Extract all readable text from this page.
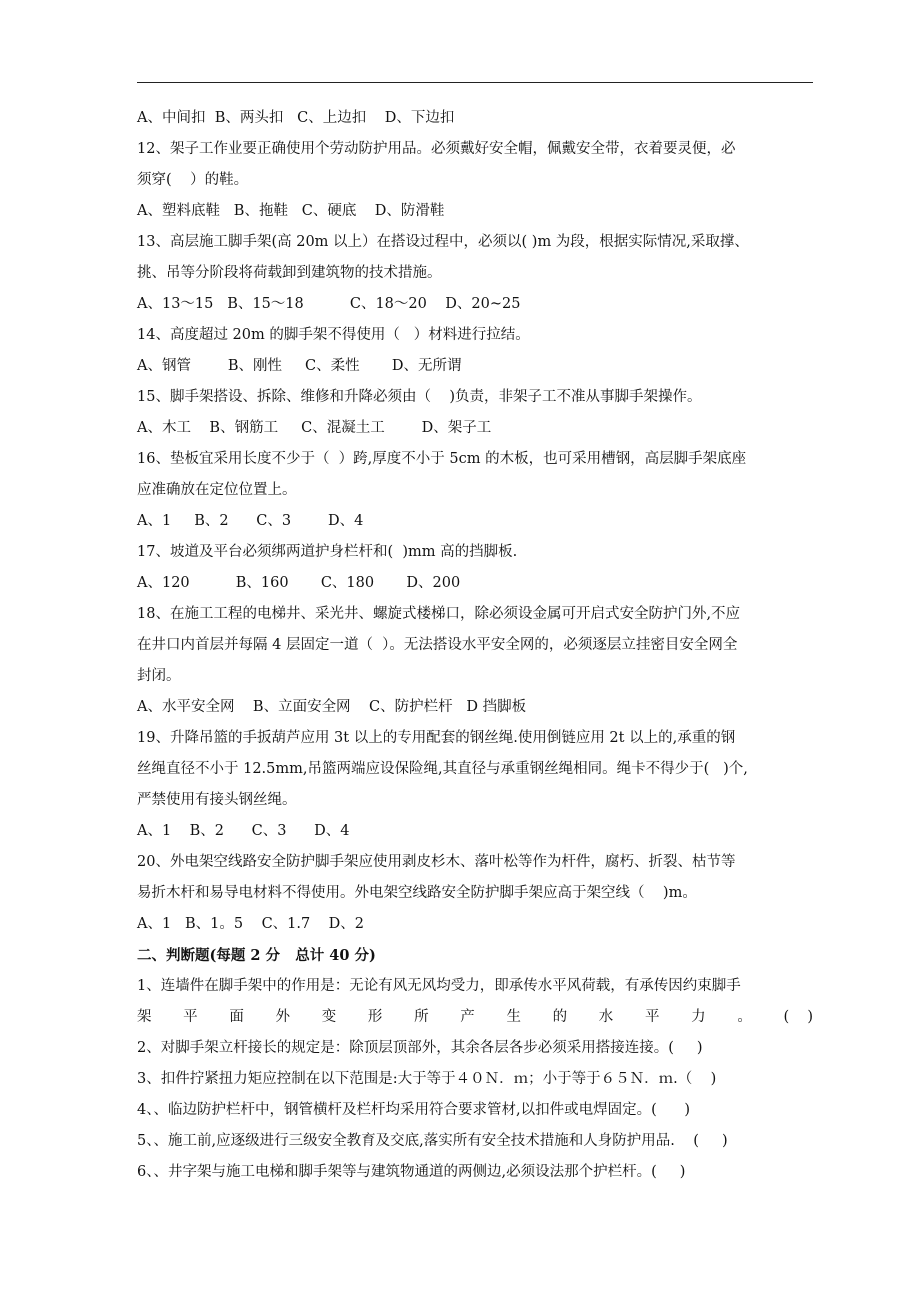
A、中间扣  B、两头扣   C、上边扣    D、下边扣
12、架子工作业要正确使用个劳动防护用品。必须戴好安全帽，佩戴安全带，衣着要灵便，必
须穿(    ）的鞋。
A、塑料底鞋   B、拖鞋   C、硬底    D、防滑鞋
13、高层施工脚手架(高 20m 以上）在搭设过程中，必须以( )m 为段，根据实际情况,采取撑、
挑、吊等分阶段将荷载卸到建筑物的技术措施。
A、13～15   B、15～18          C、18～20    D、20~25
14、高度超过 20m 的脚手架不得使用（   ）材料进行拉结。
A、钢管        B、刚性     C、柔性       D、无所谓
15、脚手架搭设、拆除、维修和升降必须由（    )负责，非架子工不准从事脚手架操作。
A、木工    B、钢筋工     C、混凝土工        D、架子工
16、垫板宜采用长度不少于（  ）跨,厚度不小于 5cm 的木板，也可采用槽钢，高层脚手架底座
应准确放在定位位置上。
A、1     B、2      C、3        D、4
17、坡道及平台必须绑两道护身栏杆和(  )mm 高的挡脚板.
A、120          B、160       C、180       D、200
18、在施工工程的电梯井、采光井、螺旋式楼梯口，除必须设金属可开启式安全防护门外,不应
在井口内首层并每隔 4 层固定一道（  ）。无法搭设水平安全网的，必须逐层立挂密目安全网全
封闭。
A、水平安全网    B、立面安全网    C、防护栏杆   D 挡脚板
19、升降吊篮的手扳葫芦应用 3t 以上的专用配套的钢丝绳.使用倒链应用 2t 以上的,承重的钢
丝绳直径不小于 12.5mm,吊篮两端应设保险绳,其直径与承重钢丝绳相同。绳卡不得少于(   )个,
严禁使用有接头钢丝绳。
A、1    B、2      C、3      D、4
20、外电架空线路安全防护脚手架应使用剥皮杉木、落叶松等作为杆件，腐朽、折裂、枯节等
易折木杆和易导电材料不得使用。外电架空线路安全防护脚手架应高于架空线（    )m。
A、1   B、1。5    C、1.7    D、2
二、判断题(每题 2 分   总计 40 分)
1、连墙件在脚手架中的作用是：无论有风无风均受力，即承传水平风荷载，有承传因约束脚手
架 平 面 外 变 形 所 产 生 的 水 平 力 。 ( )
2、对脚手架立杆接长的规定是：除顶层顶部外，其余各层各步必须采用搭接连接。(     )
3、扣件拧紧扭力矩应控制在以下范围是:大于等于４０Ｎ．ｍ；小于等于６５Ｎ．ｍ.（    )
4、、临边防护栏杆中，钢管横杆及栏杆均采用符合要求管材,以扣件或电焊固定。(      )
5、、施工前,应逐级进行三级安全教育及交底,落实所有安全技术措施和人身防护用品.    (     )
6、、井字架与施工电梯和脚手架等与建筑物通道的两侧边,必须设法那个护栏杆。(     )
